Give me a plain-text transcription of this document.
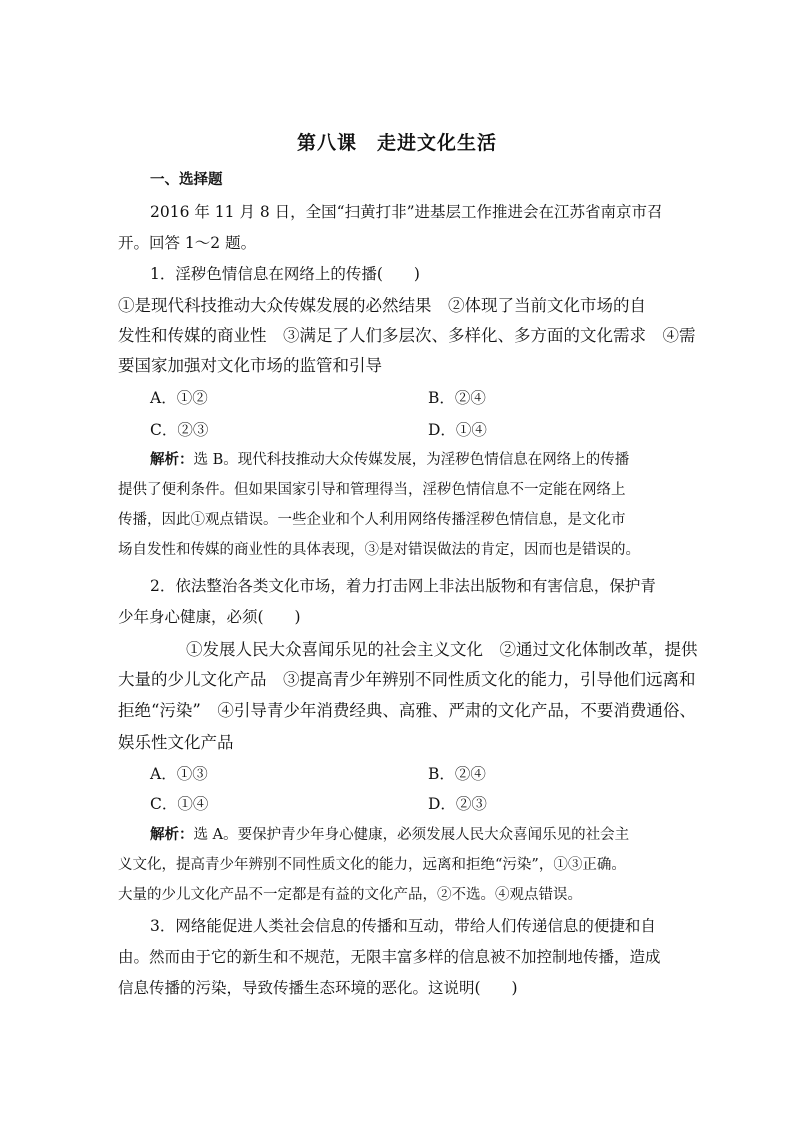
第八课　走进文化生活
一、选择题
2016 年 11 月 8 日，全国“扫黄打非”进基层工作推进会在江苏省南京市召
开。回答 1～2 题。
1．淫秽色情信息在网络上的传播(　　)
①是现代科技推动大众传媒发展的必然结果　②体现了当前文化市场的自
发性和传媒的商业性　③满足了人们多层次、多样化、多方面的文化需求　④需
要国家加强对文化市场的监管和引导
A．①②	B．②④
C．②③	D．①④
解析：选 B。现代科技推动大众传媒发展，为淫秽色情信息在网络上的传播
提供了便利条件。但如果国家引导和管理得当，淫秽色情信息不一定能在网络上
传播，因此①观点错误。一些企业和个人利用网络传播淫秽色情信息，是文化市
场自发性和传媒的商业性的具体表现，③是对错误做法的肯定，因而也是错误的。
2．依法整治各类文化市场，着力打击网上非法出版物和有害信息，保护青
少年身心健康，必须(　　)
①发展人民大众喜闻乐见的社会主义文化　②通过文化体制改革，提供
大量的少儿文化产品　③提高青少年辨别不同性质文化的能力，引导他们远离和
拒绝“污染”　④引导青少年消费经典、高雅、严肃的文化产品，不要消费通俗、
娱乐性文化产品
A．①③	B．②④
C．①④	D．②③
解析：选 A。要保护青少年身心健康，必须发展人民大众喜闻乐见的社会主
义文化，提高青少年辨别不同性质文化的能力，远离和拒绝“污染”，①③正确。
大量的少儿文化产品不一定都是有益的文化产品，②不选。④观点错误。
3．网络能促进人类社会信息的传播和互动，带给人们传递信息的便捷和自
由。然而由于它的新生和不规范，无限丰富多样的信息被不加控制地传播，造成
信息传播的污染，导致传播生态环境的恶化。这说明(　　)
